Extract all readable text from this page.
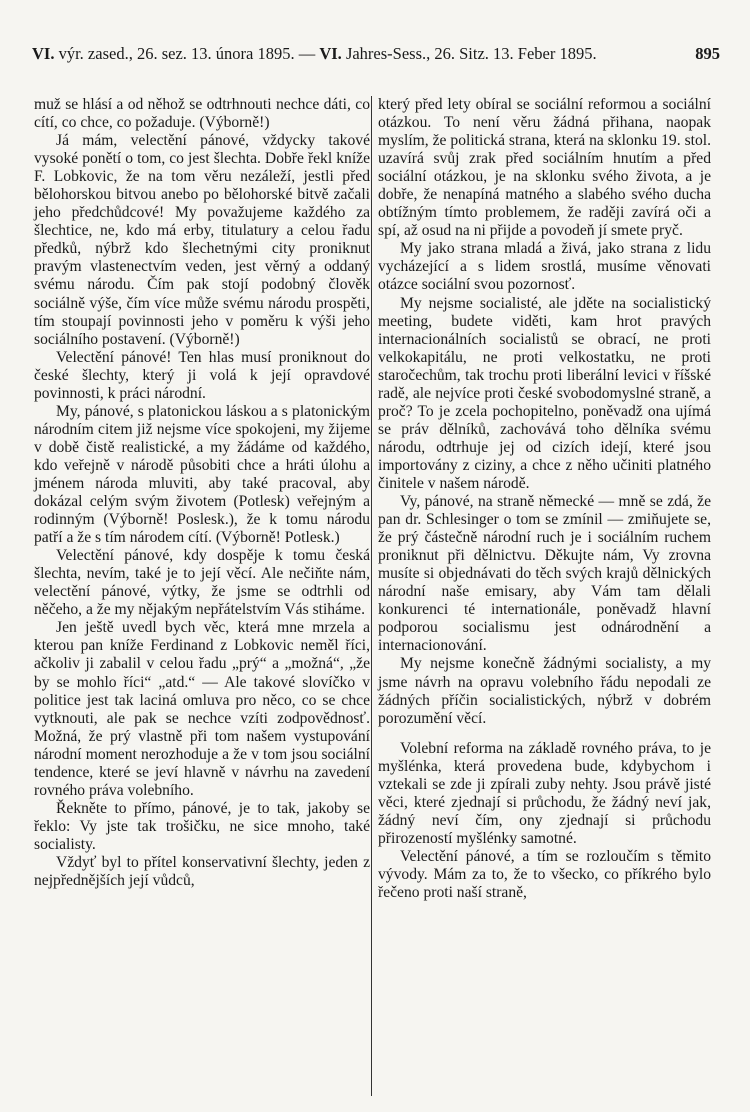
VI. výr. zased., 26. sez. 13. února 1895. — VI. Jahres-Sess., 26. Sitz. 13. Feber 1895.	895

muž se hlásí a od něhož se odtrhnouti nechce dáti, co cítí, co chce, co požaduje. (Výborně!)

Já mám, velectění pánové, vždycky takové vysoké ponětí o tom, co jest šlechta. Dobře řekl kníže F. Lobkovic, že na tom věru nezáleží, jestli před bělohorskou bitvou anebo po bělohorské bitvě začali jeho předchůdcové! My považujeme každého za šlechtice, ne, kdo má erby, titulatury a celou řadu předků, nýbrž kdo šlechetnými city proniknut pravým vlastenectvím veden, jest věrný a oddaný svému národu. Čím pak stojí podobný člověk sociálně výše, čím více může svému národu prospěti, tím stoupají povinnosti jeho v poměru k výši jeho sociálního postavení. (Výborně!)

Velectění pánové! Ten hlas musí proniknout do české šlechty, který ji volá k její opravdové povinnosti, k práci národní.

My, pánové, s platonickou láskou a s platonickým národním citem již nejsme více spokojeni, my žijeme v době čistě realistické, a my žádáme od každého, kdo veřejně v národě působiti chce a hráti úlohu a jménem národa mluviti, aby také pracoval, aby dokázal celým svým životem (Potlesk) veřejným a rodinným (Výborně! Poslesk.), že k tomu národu patří a že s tím národem cítí. (Výborně! Potlesk.)

Velectění pánové, kdy dospěje k tomu česká šlechta, nevím, také je to její věcí. Ale nečiňte nám, velectění pánové, výtky, že jsme se odtrhli od něčeho, a že my nějakým nepřátelstvím Vás stiháme.

Jen ještě uvedl bych věc, která mne mrzela a kterou pan kníže Ferdinand z Lobkovic neměl říci, ačkoliv ji zabalil v celou řadu „prý“ a „možná“, „že by se mohlo říci“ „atd.“ — Ale takové slovíčko v politice jest tak laciná omluva pro něco, co se chce vytknouti, ale pak se nechce vzíti zodpovědnosť. Možná, že prý vlastně při tom našem vystupování národní moment nerozhoduje a že v tom jsou sociální tendence, které se jeví hlavně v návrhu na zavedení rovného práva volebního.

Řekněte to přímo, pánové, je to tak, jakoby se řeklo: Vy jste tak trošičku, ne sice mnoho, také socialisty.

Vždyť byl to přítel konservativní šlechty, jeden z nejpřednějších její vůdců,

který před lety obíral se sociální reformou a sociální otázkou. To není věru žádná přihana, naopak myslím, že politická strana, která na sklonku 19. stol. uzavírá svůj zrak před sociálním hnutím a před sociální otázkou, je na sklonku svého života, a je dobře, že nenapíná matného a slabého svého ducha obtížným tímto problemem, že raději zavírá oči a spí, až osud na ni přijde a povodeň jí smete pryč.

My jako strana mladá a živá, jako strana z lidu vycházející a s lidem srostlá, musíme věnovati otázce sociální svou pozornosť.

My nejsme socialisté, ale jděte na socialistický meeting, budete viděti, kam hrot pravých internacionálních socialistů se obrací, ne proti velkokapitálu, ne proti velkostatku, ne proti staročechům, tak trochu proti liberální levici v říšské radě, ale nejvíce proti české svobodomyslné straně, a proč? To je zcela pochopitelno, poněvadž ona ujímá se práv dělníků, zachovává toho dělníka svému národu, odtrhuje jej od cizích idejí, které jsou importovány z ciziny, a chce z něho učiniti platného činitele v našem národě.

Vy, pánové, na straně německé — mně se zdá, že pan dr. Schlesinger o tom se zmínil — zmiňujete se, že prý částečně národní ruch je i sociálním ruchem proniknut při dělnictvu. Děkujte nám, Vy zrovna musíte si objednávati do těch svých krajů dělnických národní naše emisary, aby Vám tam dělali konkurenci té internationále, poněvadž hlavní podporou socialismu jest odnárodnění a internacionování.

My nejsme konečně žádnými socialisty, a my jsme návrh na opravu volebního řádu nepodali ze žádných příčin socialistických, nýbrž v dobrém porozumění věcí.

Volební reforma na základě rovného práva, to je myšlénka, která provedena bude, kdybychom i vztekali se zde ji zpírali zuby nehty. Jsou právě jisté věci, které zjednají si průchodu, že žádný neví jak, žádný neví čím, ony zjednají si průchodu přirozeností myšlénky samotné.

Velectění pánové, a tím se rozloučím s těmito vývody. Mám za to, že to všecko, co příkrého bylo řečeno proti naší straně,
